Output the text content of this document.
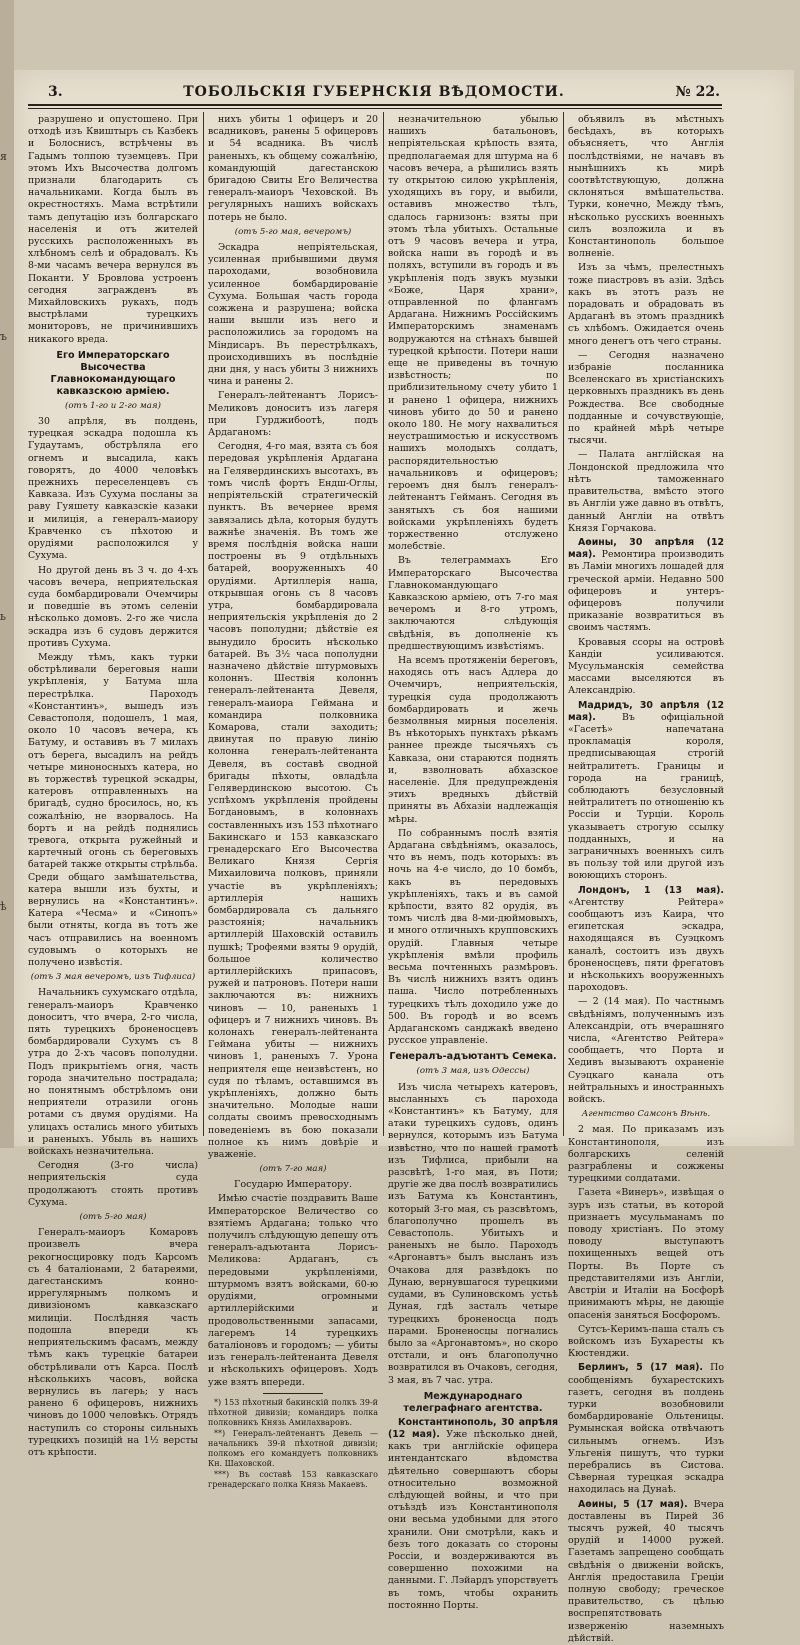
я
ъ
ь
ѣ
3.	ТОБОЛЬСКІЯ ГУБЕРНСКІЯ ВѢДОМОСТИ.	№ 22.

разрушено и опустошено. При отходѣ изъ Квиштыръ съ Казбекъ и Болоснисъ, встрѣчены въ Гадымъ толпою туземцевъ. При этомъ Ихъ Высочества долгомъ признали благодарить съ начальниками. Когда былъ въ окрестностяхъ. Мама встрѣтили тамъ депутацію изъ болгарскаго населенія и отъ жителей русскихъ расположенныхъ въ хлѣбномъ селѣ и обрадовалъ. Къ 8-ми часамъ вечера вернулся въ Поканти. У Бровлова устроенъ сегодня загражденъ въ Михайловскихъ рукахъ, подъ выстрѣлами турецкихъ мониторовъ, не причинившихъ никакого вреда.

Его Императорскаго Высочества Главнокомандующаго кавказскою арміею.

(отъ 1-го и 2-го мая)

30 апрѣля, въ полдень, турецкая эскадра подошла къ Гудаутамъ, обстрѣляла его огнемъ и высадила, какъ говорятъ, до 4000 человѣкъ прежнихъ переселенцевъ съ Кавказа. Изъ Сухума посланы за раву Гуяшету кавказскіе казаки и милиція, а генералъ-маиору Кравченко съ пѣхотою и орудіями расположился у Сухума.

Но другой день въ 3 ч. до 4-хъ часовъ вечера, неприятельская суда бомбардировали Очемчиры и поведшіе въ этомъ селеніи нѣсколько домовъ. 2-го же числа эскадра изъ 6 судовъ держится противъ Сухума.

Между тѣмъ, какъ турки обстрѣливали береговыя наши укрѣпленія, у Батума шла перестрѣлка. Пароходъ «Константинъ», вышедъ изъ Севастополя, подошелъ, 1 мая, около 10 часовъ вечера, къ Батуму, и оставивъ въ 7 милахъ отъ берега, высадилъ на рейдъ четыре миноносныхъ катера, но въ торжествѣ турецкой эскадры, катеровъ отправленныхъ на бригадѣ, судно бросилось, но, къ сожалѣнію, не взорвалось. На бортъ и на рейдѣ поднялись тревога, открыта ружейный и картечный огонь съ береговыхъ батарей также открыты стрѣльба. Среди общаго замѣшательства, катера вышли изъ бухты, и вернулись на «Константинъ». Катера «Чесма» и «Синопъ» были отняты, когда въ тотъ же часъ отправились на военномъ судовымъ о которыхъ не получено извѣстія.

(отъ 3 мая вечеромъ, изъ Тифлиса)

Начальникъ сухумскаго отдѣла, генералъ-маиоръ Кравченко доноситъ, что вчера, 2-го числа, пять турецкихъ броненосцевъ бомбардировали Сухумъ съ 8 утра до 2-хъ часовъ пополудни. Подъ прикрытіемъ огня, часть города значительно пострадала; но понятнымъ обстрѣломъ они неприятели отразили огонь ротами съ двумя орудіями. На улицахъ остались много убитыхъ и раненыхъ. Убыль въ нашихъ войскахъ незначительна.

Сегодня (3-го числа) неприятельскія суда продолжаютъ стоять противъ Сухума.

(отъ 5-го мая)

Генералъ-маиоръ Комаровъ произвелъ вчера рекогносцировку подъ Карсомъ съ 4 баталіонами, 2 батареями, дагестанскимъ конно-иррегулярнымъ полкомъ и дивизіономъ кавказскаго милиціи. Послѣдняя часть подошла впереди къ неприятельскимъ фасамъ, между тѣмъ какъ турецкіе батареи обстрѣливали отъ Карса. Послѣ нѣсколькихъ часовъ, войска вернулись въ лагерь; у насъ ранено 6 офицеровъ, нижнихъ чиновъ до 1000 человѣкъ. Отрядъ наступилъ со стороны сильныхъ турецкихъ позицій на 1½ версты отъ крѣпости.

нихъ убиты 1 офицеръ и 20 всадниковъ, ранены 5 офицеровъ и 54 всадника. Въ числѣ раненыхъ, къ общему сожалѣнію, командующій дагестанскою бригадою Свиты Его Величества генералъ-маиоръ Чеховской. Въ регулярныхъ нашихъ войскахъ потерь не было.

(отъ 5-го мая, вечеромъ)

Эскадра непріятельская, усиленная прибывшими двумя пароходами, возобновила усиленное бомбардированіе Сухума. Большая часть города сожжена и разрушена; войска наши вышли изъ него и расположились за городомъ на Міндисаръ. Въ перестрѣлкахъ, происходившихъ въ послѣдніе дни дня, у насъ убиты 3 нижнихъ чина и ранены 2.

Генералъ-лейтенантъ Лорисъ-Меликовъ доноситъ изъ лагеря при Гурджибоотѣ, подъ Ардаганомъ:

Сегодня, 4-го мая, взята съ боя передовая укрѣпленія Ардагана на Гелявердинскихъ высотахъ, въ томъ числѣ фортъ Ендш-Оглы, непріятельскій стратегическій пунктъ. Въ вечернее время завязались дѣла, которыя будутъ важнѣе значенія. Въ томъ же время послѣднія войска наши построены въ 9 отдѣльныхъ батарей, вооруженныхъ 40 орудіями. Артиллерія наша, открывшая огонь съ 8 часовъ утра, бомбардировала неприятельскія укрѣпленія до 2 часовъ пополудни; дѣйствіе ея вынудило бросить нѣсколько батарей. Въ 3½ часа пополудни назначено дѣйствіе штурмовыхъ колоннъ. Шествія колоннъ генералъ-лейтенанта Девеля, генералъ-маиора Геймана и командира полковника Комарова, стали заходить; двинутая по правую линію колонна генералъ-лейтенанта Девеля, въ составѣ сводной бригады пѣхоты, овладѣла Гелявердинскою высотою. Съ успѣхомъ укрѣпленія пройдены Богдановымъ, в колоннахъ составленныхъ изъ 153 пѣхотнаго Бакинскаго и 153 кавказскаго гренадерскаго Его Высочества Великаго Князя Сергія Михаиловича полковъ, приняли участіе въ укрѣпленіяхъ; артиллерія нашихъ бомбардировала съ дальняго разстоянія; начальникъ артиллерій Шаховскій оставилъ пушкѣ; Трофеями взяты 9 орудій, большое количество артиллерійскихъ припасовъ, ружей и патроновъ. Потери наши заключаются въ: нижнихъ чиновъ — 10, раненыхъ 1 офицеръ и 7 нижнихъ чиновъ. Въ колонахъ генералъ-лейтенанта Геймана убиты — нижнихъ чиновъ 1, раненыхъ 7. Урона неприятеля еще неизвѣстенъ, но судя по тѣламъ, оставшимся въ укрѣпленіяхъ, должно быть значительно. Молодые наши солдаты своимъ превосходнымъ поведеніемъ въ бою показали полное къ нимъ довѣріе и уваженіе.

(отъ 7-го мая)

Государю Императору.

Имѣю счастіе поздравить Ваше Императорское Величество со взятіемъ Ардагана; только что получилъ слѣдующую депешу отъ генералъ-адъютанта Лорисъ-Меликова: Ардаганъ, съ передовыми укрѣпленіями, штурмомъ взятъ войсками, 60-ю орудіями, огромными артиллерійскими и продовольственными запасами, лагеремъ 14 турецкихъ баталіоновъ и городомъ; — убиты изъ генералъ-лейтенанта Девеля и нѣсколькихъ офицеровъ. Ходъ уже взятъ впереди.

*) 153 пѣхотный бакинскій полкъ 39-й пѣхотной дивизіи; командиръ полка полковникъ Князь Амилахваровъ.

**) Генералъ-лейтенантъ Девель — начальникъ 39-й пѣхотной дивизіи; полкомъ его командуетъ полковникъ Кн. Шаховской.

***) Въ составѣ 153 кавказскаго гренадерскаго полка Князь Макаевъ.

незначительною убылью нашихъ батальоновъ, непріятельская крѣпость взята, предполагаемая для штурма на 6 часовъ вечера, а рѣшились взять ту открытою силою укрѣпленія, уходящихъ въ гору, и выбили, оставивъ множество тѣлъ, сдалось гарнизонъ: взяты при этомъ тѣла убитыхъ. Остальные отъ 9 часовъ вечера и утра, войска наши въ городѣ и въ поляхъ, вступили въ городъ и въ укрѣпленія подъ звукъ музыки «Боже, Царя храни», отправленной по флангамъ Ардагана. Нижнимъ Россійскимъ Императорскимъ знаменамъ водружаются на стѣнахъ бывшей турецкой крѣпости. Потери наши еще не приведены въ точную извѣстность; по приблизительному счету убито 1 и ранено 1 офицера, нижнихъ чиновъ убито до 50 и ранено около 180. Не могу нахвалиться неустрашимостью и искусствомъ нашихъ молодыхъ солдатъ, распорядительностью начальниковъ и офицеровъ; героемъ дня былъ генералъ-лейтенантъ Гейманъ. Сегодня въ занятыхъ съ боя нашими войсками укрѣпленіяхъ будетъ торжественно отслужено молебствіе.

Въ телеграммахъ Его Императорскаго Высочества Главнокомандующаго Кавказскою арміею, отъ 7-го мая вечеромъ и 8-го утромъ, заключаются слѣдующія свѣдѣнія, въ дополненіе къ предшествующимъ извѣстіямъ.

На всемъ протяженіи береговъ, находясь отъ насъ Адлера до Очемчиръ, неприятельскія, турецкія суда продолжаютъ бомбардировать и жечь безмолвныя мирныя поселенія. Въ нѣкоторыхъ пунктахъ рѣкамъ раннее прежде тысячьяхъ съ Кавказа, они стараются поднять и, взволновать абхазское населеніе. Для предупрежденія этихъ вредныхъ дѣйствій приняты въ Абхазіи надлежащія мѣры.

По собраннымъ послѣ взятія Ардагана свѣдѣніямъ, оказалось, что въ немъ, подъ которыхъ: въ ночь на 4-е число, до 10 бомбъ, какъ въ передовыхъ укрѣпленіяхъ, такъ и въ самой крѣпости, взято 82 орудія, въ томъ числѣ два 8-ми-дюймовыхъ, и много отличныхъ крупповскихъ орудій. Главныя четыре укрѣпленія вмѣли профиль весьма почтенныхъ размѣровъ. Въ числѣ нижнихъ взятъ одинъ паша. Число потребленныхъ турецкихъ тѣлъ доходило уже до 500. Въ городѣ и во всемъ Ардаганскомъ санджакѣ введено русское управленіе.

Генералъ-адъютантъ Семека.

(отъ 3 мая, изъ Одессы)

Изъ числа четырехъ катеровъ, высланныхъ съ парохода «Константинъ» къ Батуму, для атаки турецкихъ судовъ, одинъ вернулся, которымъ изъ Батума извѣстно, что по нашей грамотѣ изъ Тифлиса, прибыли на разсвѣтѣ, 1-го мая, въ Поти; другіе же два послѣ возвратились изъ Батума къ Константинъ, который 3-го мая, съ разсвѣтомъ, благополучно прошелъ въ Севастополь. Убитыхъ и раненыхъ не было. Пароходъ «Аргонавтъ» былъ высланъ изъ Очакова для развѣдокъ по Дунаю, вернувшагося турецкими судами, въ Сулиновскомъ устьѣ Дуная, гдѣ засталъ четыре турецкихъ броненосца подъ парами. Броненосцы погнались было за «Аргонавтомъ», но скоро отстали, и онъ благополучно возвратился въ Очаковъ, сегодня, 3 мая, въ 7 час. утра.

Международнаго телеграфнаго агентства.

Константинополь, 30 апрѣля (12 мая). Уже пѣсколько дней, какъ три англійскіе офицера интендантскаго вѣдомства дѣятельно совершаютъ сборы относительно возможной слѣдующей войны, и что при отъѣздѣ изъ Константинополя они весьма удобными для этого хранили. Они смотрѣли, какъ и безъ того доказать со стороны Россіи, и воздерживаются въ совершенно похожими на данными. Г. Лэйардъ упорствуетъ въ томъ, чтобы охранить постоянно Порты.

объявилъ въ мѣстныхъ бесѣдахъ, въ которыхъ объясняетъ, что Англія послѣдствіями, не начавъ въ нынѣшнихъ къ мирѣ соотвѣтствующую, должна склоняться вмѣшательства. Турки, конечно, Между тѣмъ, нѣсколько русскихъ военныхъ силъ возложила и въ Константинополь большое волненіе.

Изъ за чѣмъ, прелестныхъ тоже пиастровъ въ азіи. Здѣсь какъ въ этотъ разъ не порадовать и обрадовать въ Ардаганѣ въ этомъ праздникѣ съ хлѣбомъ. Ожидается очень много денегъ отъ чего страны.

— Сегодня назначено избраніе посланника Вселенскаго въ христіанскихъ церковныхъ праздникъ въ день Рождества. Все свободные подданные и сочувствующіе, по крайней мѣрѣ четыре тысячи.

— Палата англійская на Лондонской предложила что нѣтъ таможеннаго правительства, вмѣсто этого въ Англіи уже давно въ отвѣтъ, данный Англіи на отвѣтъ Князя Горчакова.

Аѳины, 30 апрѣля (12 мая). Ремонтира производить въ Ламіи многихъ лошадей для греческой арміи. Недавно 500 офицеровъ и унтеръ-офицеровъ получили приказаніе возвратиться въ своимъ частямъ.

Кровавыя ссоры на островѣ Кандіи усиливаются. Мусульманскія семейства массами выселяются въ Александрію.

Мадридъ, 30 апрѣля (12 мая).	Въ офиціальной «Гасетѣ» напечатана прокламація короля, предписывающая строгій нейтралитетъ. Границы и города на границѣ, соблюдаютъ безусловный нейтралитетъ по отношенію къ Россіи и Турціи. Король указываетъ строгую ссылку подданныхъ, и на заграничныхъ военныхъ силъ въ пользу той или другой изъ воюющихъ сторонъ.

Лондонъ, 1 (13 мая). «Агентству Рейтера» сообщаютъ изъ Каира, что египетская эскадра, находящаяся въ Суэцкомъ каналѣ, состоитъ изъ двухъ броненосцевъ, пяти фрегатовъ и нѣсколькихъ вооруженныхъ пароходовъ.

— 2 (14 мая). По частнымъ свѣдѣніямъ, полученнымъ изъ Александріи, отъ вчерашняго числа, «Агентство Рейтера» сообщаетъ, что Порта и Хедивъ вызываютъ охраненіе Суэцкаго канала отъ нейтральныхъ и иностранныхъ войскъ.

Агентство Самсонъ Вѣнѣ.

2 мая. По приказамъ изъ Константинополя, изъ болгарскихъ селеній разграблены и сожжены турецкими солдатами.

Газета «Винеръ», извѣщая о зуръ изъ статьи, въ которой признаетъ мусульманамъ по поводу христіанъ. По этому поводу выступаютъ похищенныхъ вещей отъ Порты. Въ Порте съ представителями изъ Англіи, Австріи и Италіи на Босфорѣ принимаютъ мѣры, не дающіе опасенія заняться Босфоромъ.

Сутсъ-Керимъ-паша сталъ съ войскомъ изъ Бухаресты къ Кюстенджи.

Берлинъ, 5 (17 мая). По сообщеніямъ бухарестскихъ газетъ, сегодня въ полдень турки возобновили бомбардированіе Ольтеницы. Румынская войска отвѣчаютъ сильнымъ огнемъ. Изъ Ульгенія пишутъ, что турки перебрались въ Систова. Сѣверная турецкая эскадра находилась на Дунаѣ.

Аѳины, 5 (17 мая). Вчера доставлены въ Пирей 36 тысячъ ружей, 40 тысячъ орудій и 14000 ружей. Газетамъ запрещено сообщать свѣдѣнія о движеніи войскъ, Англія предоставила Греціи полную свободу; греческое правительство, съ цѣлью воспрепятствовать изверженію наземныхъ дѣйствій.
